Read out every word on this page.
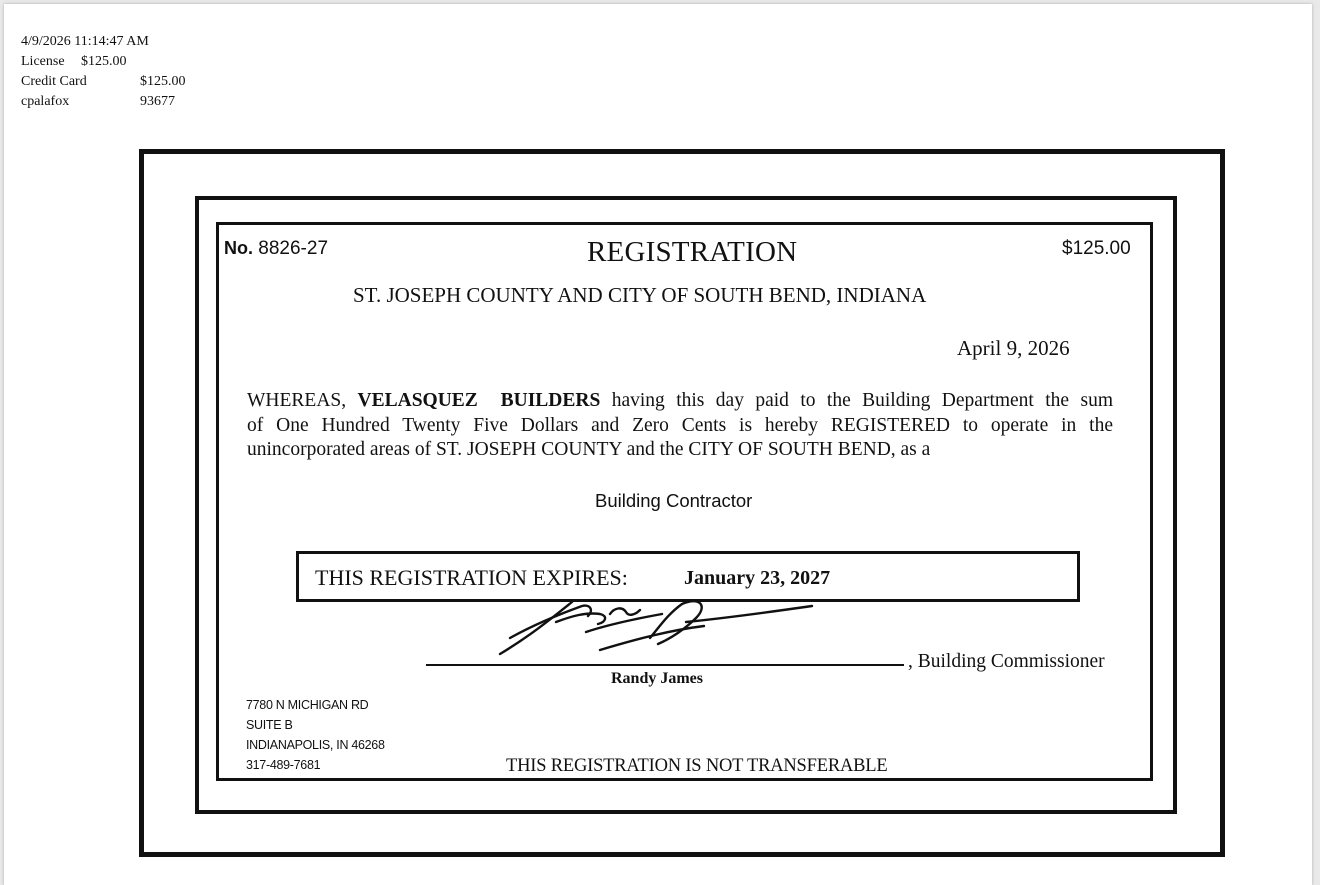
4/9/2026 11:14:47 AM
License	$125.00
Credit Card	$125.00
cpalafox	93677
No. 8826-27	REGISTRATION	$125.00
ST. JOSEPH COUNTY AND CITY OF SOUTH BEND, INDIANA
April 9, 2026
WHEREAS, VELASQUEZ  BUILDERS having this day paid to the Building Department the sum
of One Hundred Twenty Five Dollars and Zero Cents is hereby REGISTERED to operate in the
unincorporated areas of ST. JOSEPH COUNTY and the CITY OF SOUTH BEND, as a
Building Contractor
THIS REGISTRATION EXPIRES:	January 23, 2027
, Building Commissioner
Randy James
7780 N MICHIGAN RD
SUITE B
INDIANAPOLIS, IN 46268
317-489-7681	THIS REGISTRATION IS NOT TRANSFERABLE
